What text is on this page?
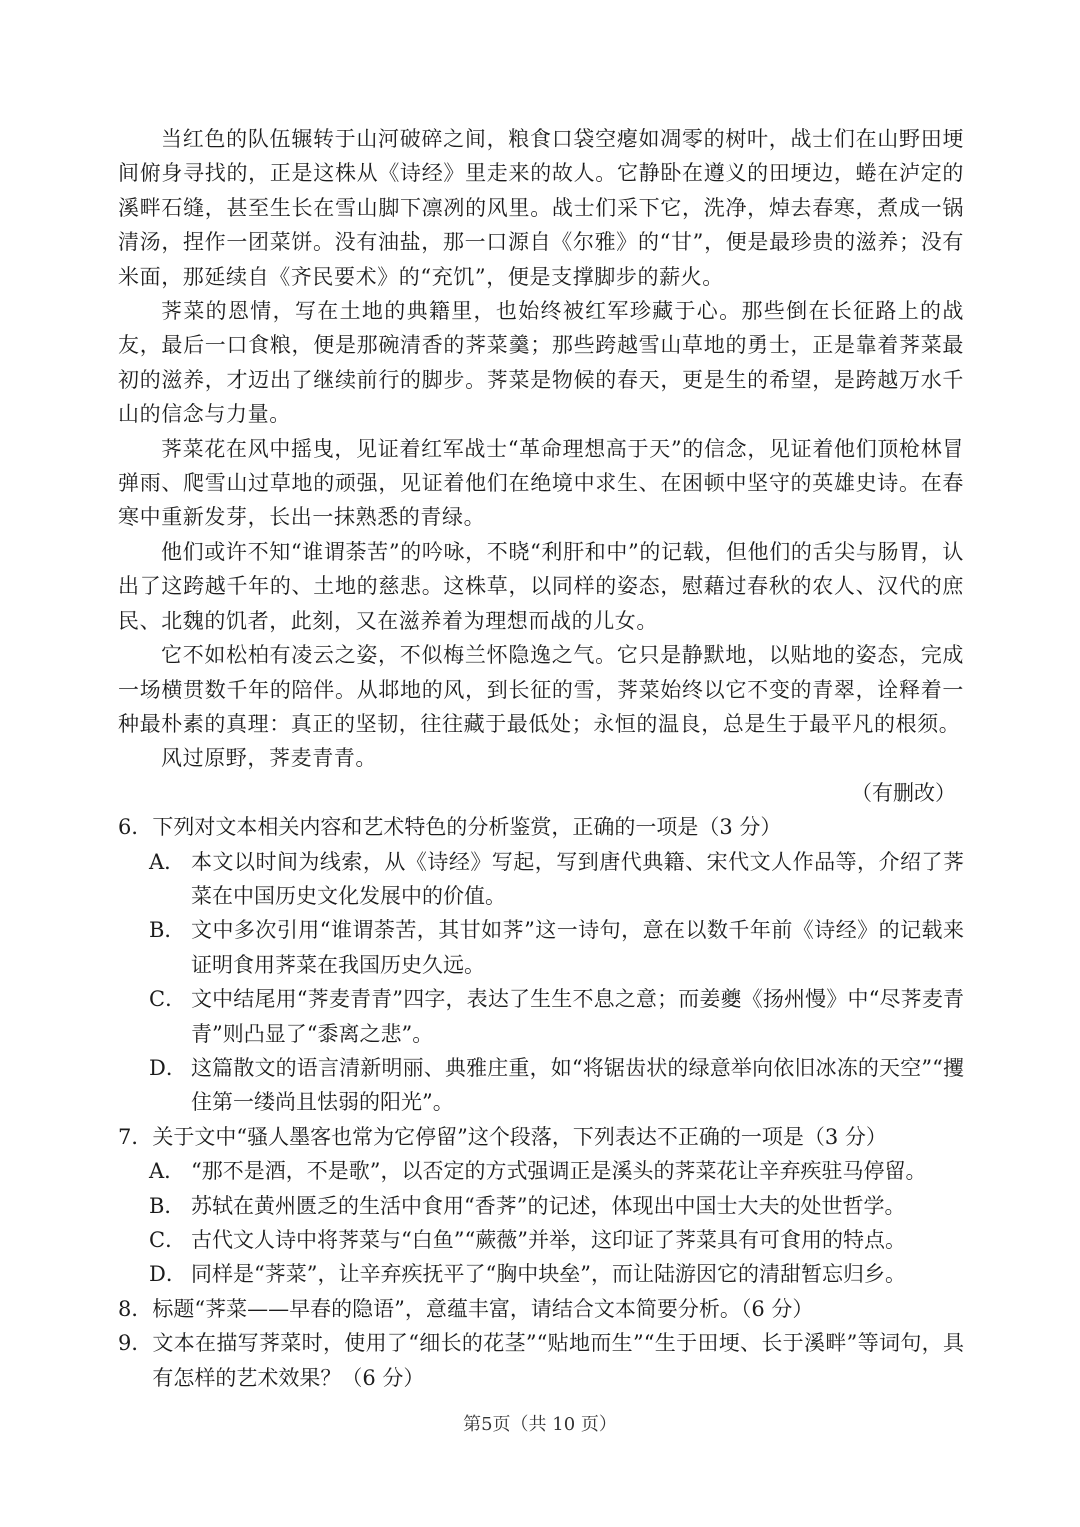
当红色的队伍辗转于山河破碎之间，粮食口袋空瘪如凋零的树叶，战士们在山野田埂间俯身寻找的，正是这株从《诗经》里走来的故人。它静卧在遵义的田埂边，蜷在泸定的溪畔石缝，甚至生长在雪山脚下凛冽的风里。战士们采下它，洗净，焯去春寒，煮成一锅清汤，捏作一团菜饼。没有油盐，那一口源自《尔雅》的“甘”，便是最珍贵的滋养；没有米面，那延续自《齐民要术》的“充饥”，便是支撑脚步的薪火。

荠菜的恩情，写在土地的典籍里，也始终被红军珍藏于心。那些倒在长征路上的战友，最后一口食粮，便是那碗清香的荠菜羹；那些跨越雪山草地的勇士，正是靠着荠菜最初的滋养，才迈出了继续前行的脚步。荠菜是物候的春天，更是生的希望，是跨越万水千山的信念与力量。

荠菜花在风中摇曳，见证着红军战士“革命理想高于天”的信念，见证着他们顶枪林冒弹雨、爬雪山过草地的顽强，见证着他们在绝境中求生、在困顿中坚守的英雄史诗。在春寒中重新发芽，长出一抹熟悉的青绿。

他们或许不知“谁谓荼苦”的吟咏，不晓“利肝和中”的记载，但他们的舌尖与肠胃，认出了这跨越千年的、土地的慈悲。这株草，以同样的姿态，慰藉过春秋的农人、汉代的庶民、北魏的饥者，此刻，又在滋养着为理想而战的儿女。

它不如松柏有凌云之姿，不似梅兰怀隐逸之气。它只是静默地，以贴地的姿态，完成一场横贯数千年的陪伴。从邶地的风，到长征的雪，荠菜始终以它不变的青翠，诠释着一种最朴素的真理：真正的坚韧，往往藏于最低处；永恒的温良，总是生于最平凡的根须。

风过原野，荠麦青青。

（有删改）

6． 下列对文本相关内容和艺术特色的分析鉴赏，正确的一项是（3 分）
A． 本文以时间为线索，从《诗经》写起，写到唐代典籍、宋代文人作品等，介绍了荠菜在中国历史文化发展中的价值。
B． 文中多次引用“谁谓荼苦，其甘如荠”这一诗句，意在以数千年前《诗经》的记载来证明食用荠菜在我国历史久远。
C． 文中结尾用“荠麦青青”四字，表达了生生不息之意；而姜夔《扬州慢》中“尽荠麦青青”则凸显了“黍离之悲”。
D． 这篇散文的语言清新明丽、典雅庄重，如“将锯齿状的绿意举向依旧冰冻的天空”“攫住第一缕尚且怯弱的阳光”。
7． 关于文中“骚人墨客也常为它停留”这个段落，下列表达不正确的一项是（3 分）
A． “那不是酒，不是歌”，以否定的方式强调正是溪头的荠菜花让辛弃疾驻马停留。
B． 苏轼在黄州匮乏的生活中食用“香荠”的记述，体现出中国士大夫的处世哲学。
C． 古代文人诗中将荠菜与“白鱼”“蕨薇”并举，这印证了荠菜具有可食用的特点。
D． 同样是“荠菜”，让辛弃疾抚平了“胸中块垒”，而让陆游因它的清甜暂忘归乡。
8． 标题“荠菜——早春的隐语”，意蕴丰富，请结合文本简要分析。（6 分）
9． 文本在描写荠菜时，使用了“细长的花茎”“贴地而生”“生于田埂、长于溪畔”等词句，具有怎样的艺术效果？（6 分）
第5页（共 10 页）
